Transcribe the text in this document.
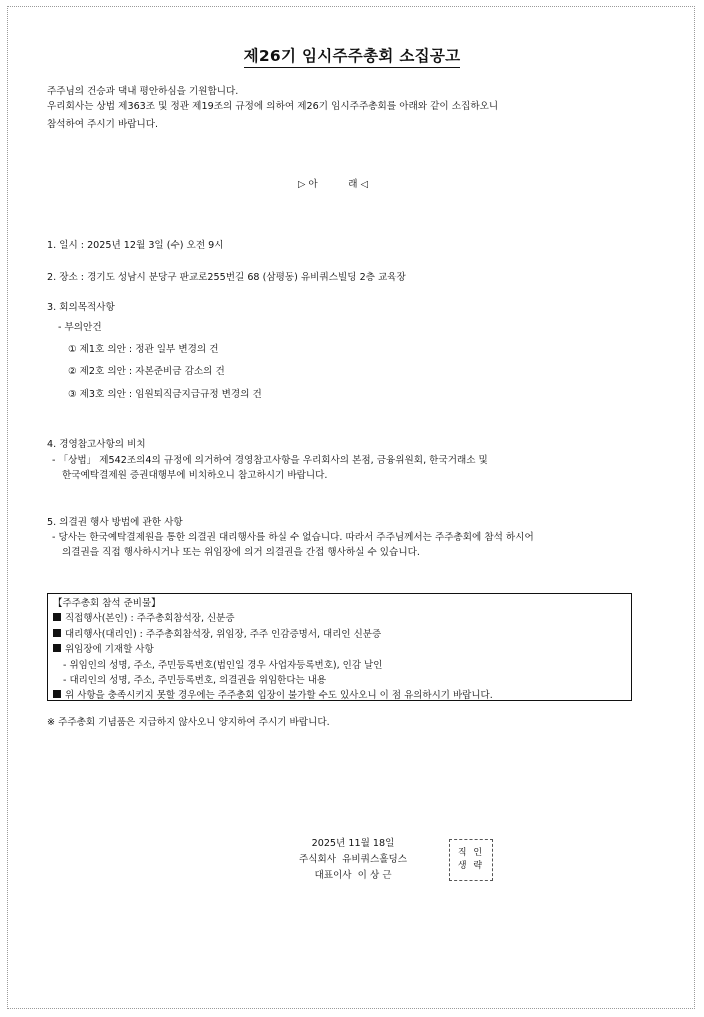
제26기 임시주주총회 소집공고
주주님의 건승과 댁내 평안하심을 기원합니다.
우리회사는 상법 제363조 및 정관 제19조의 규정에 의하여 제26기 임시주주총회를 아래와 같이 소집하오니
참석하여 주시기 바랍니다.
▷ 아          래 ◁
1. 일시 : 2025년 12월 3일 (수) 오전 9시
2. 장소 : 경기도 성남시 분당구 판교로255번길 68 (삼평동) 유비쿼스빌딩 2층 교육장
3. 회의목적사항
- 부의안건
① 제1호 의안 : 정관 일부 변경의 건
② 제2호 의안 : 자본준비금 감소의 건
③ 제3호 의안 : 임원퇴직금지급규정 변경의 건
4. 경영참고사항의 비치
- 「상법」 제542조의4의 규정에 의거하여 경영참고사항을 우리회사의 본점, 금융위원회, 한국거래소 및
한국예탁결제원 증권대행부에 비치하오니 참고하시기 바랍니다.
5. 의결권 행사 방법에 관한 사항
- 당사는 한국예탁결제원을 통한 의결권 대리행사를 하실 수 없습니다. 따라서 주주님께서는 주주총회에 참석 하시어
의결권을 직접 행사하시거나 또는 위임장에 의거 의결권을 간접 행사하실 수 있습니다.
【주주총회 참석 준비물】
직접행사(본인) : 주주총회참석장, 신분증
대리행사(대리인) : 주주총회참석장, 위임장, 주주 인감증명서, 대리인 신분증
위임장에 기재할 사항
- 위임인의 성명, 주소, 주민등록번호(법인일 경우 사업자등록번호), 인감 날인
- 대리인의 성명, 주소, 주민등록번호, 의결권을 위임한다는 내용
위 사항을 충족시키지 못할 경우에는 주주총회 입장이 불가할 수도 있사오니 이 점 유의하시기 바랍니다.
※ 주주총회 기념품은 지급하지 않사오니 양지하여 주시기 바랍니다.
2025년 11월 18일
주식회사  유비쿼스홀딩스
대표이사  이 상 근
직 인
생 략
